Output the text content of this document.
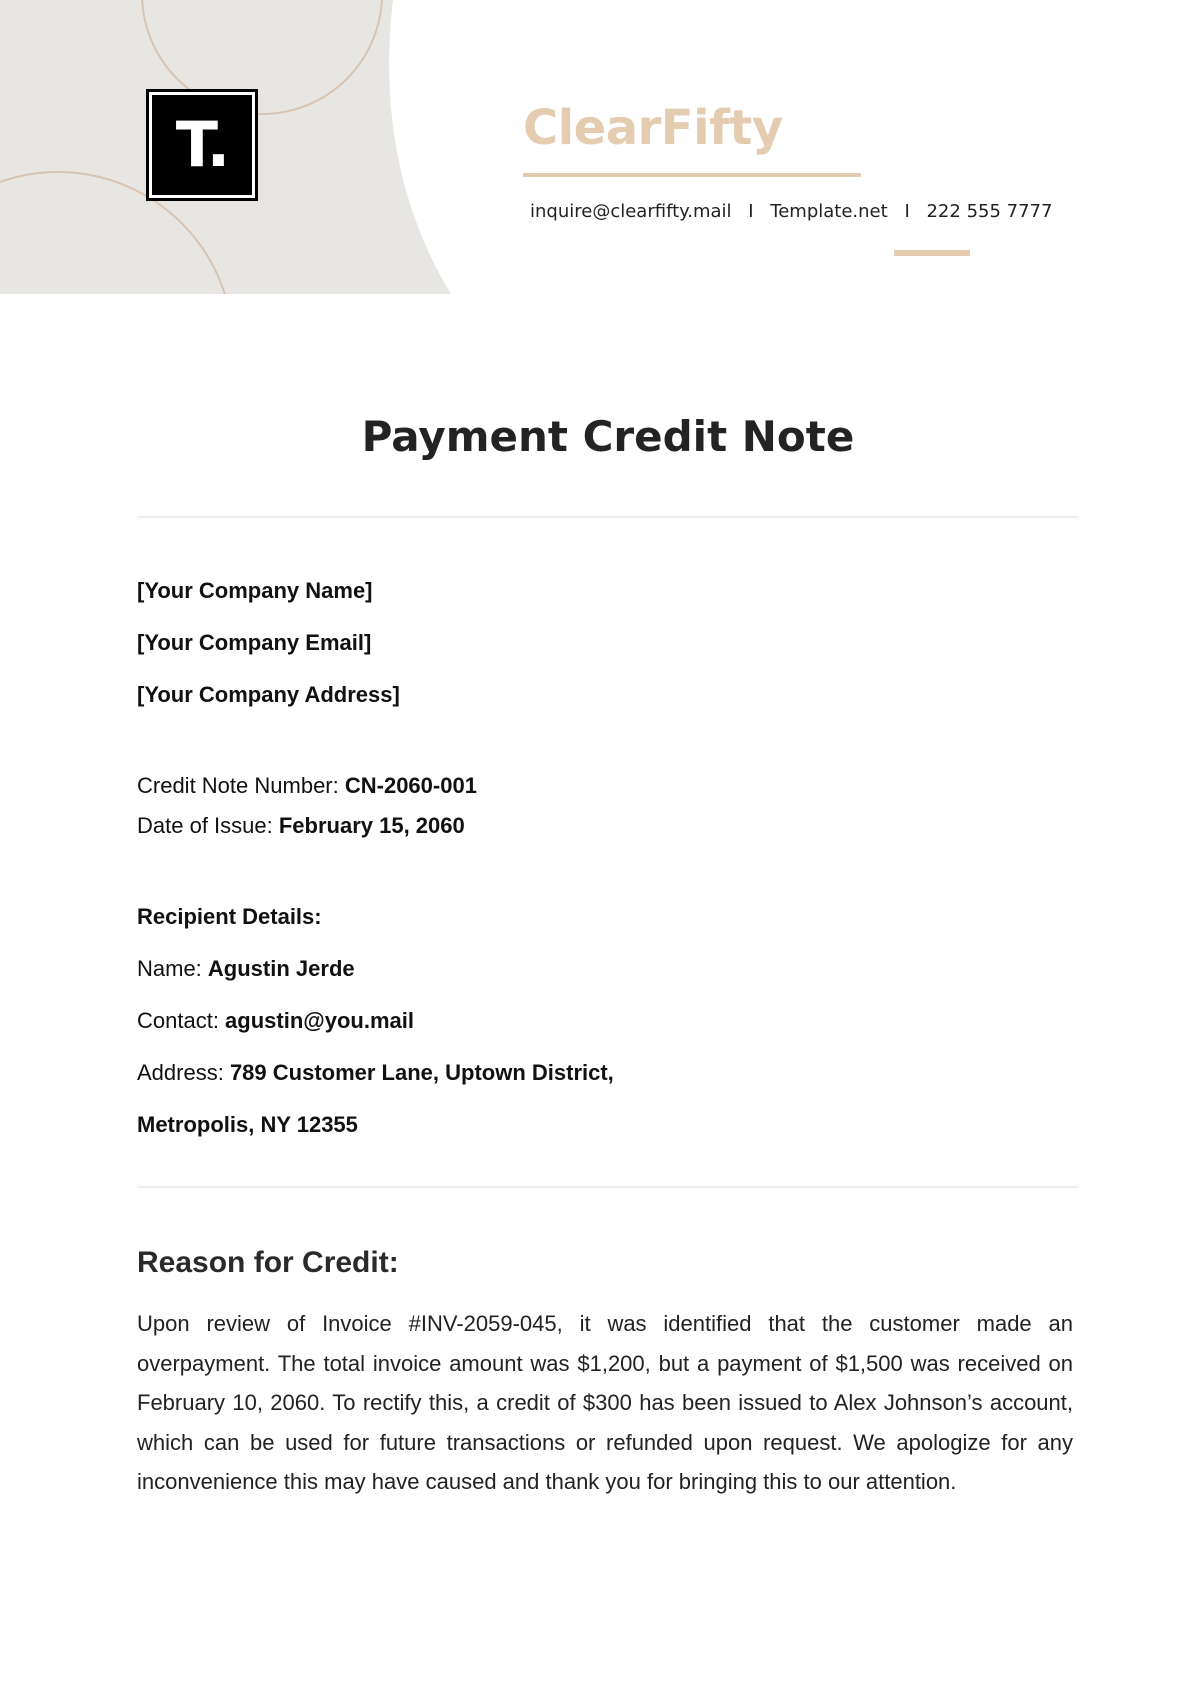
T.	ClearFifty
inquire@clearfifty.mail I Template.net I 222 555 7777
Payment Credit Note
[Your Company Name]
[Your Company Email]
[Your Company Address]
Credit Note Number: CN-2060-001
Date of Issue: February 15, 2060
Recipient Details:
Name: Agustin Jerde
Contact: agustin@you.mail
Address: 789 Customer Lane, Uptown District,
Metropolis, NY 12355
Reason for Credit:

Upon review of Invoice #INV-2059-045, it was identified that the customer made an overpayment. The total invoice amount was $1,200, but a payment of $1,500 was received on February 10, 2060. To rectify this, a credit of $300 has been issued to Alex Johnson’s account, which can be used for future transactions or refunded upon request. We apologize for any inconvenience this may have caused and thank you for bringing this to our attention.
